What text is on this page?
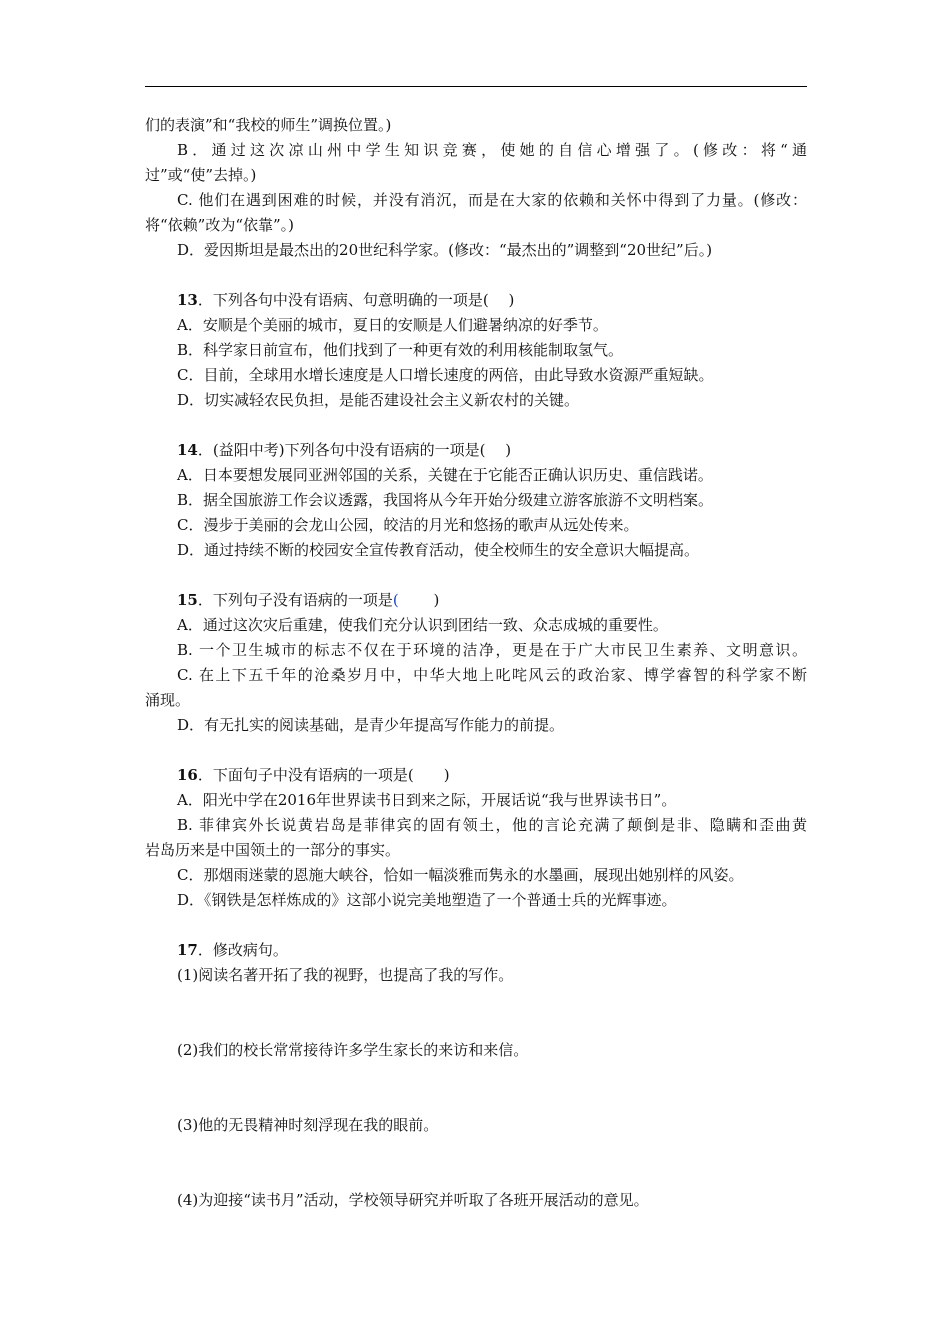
们的表演”和“我校的师生”调换位置。)
B．通过这次凉山州中学生知识竞赛，使她的自信心增强了。(修改：将“通
过”或“使”去掉。)
C. 他们在遇到困难的时候，并没有消沉，而是在大家的依赖和关怀中得到了力量。(修改：
将“依赖”改为“依靠”。)
D．爱因斯坦是最杰出的20世纪科学家。(修改：“最杰出的”调整到“20世纪”后。)
13．下列各句中没有语病、句意明确的一项是(　 )
A．安顺是个美丽的城市，夏日的安顺是人们避暑纳凉的好季节。
B．科学家日前宣布，他们找到了一种更有效的利用核能制取氢气。
C．目前，全球用水增长速度是人口增长速度的两倍，由此导致水资源严重短缺。
D．切实减轻农民负担，是能否建设社会主义新农村的关键。
14．(益阳中考)下列各句中没有语病的一项是(　 )
A．日本要想发展同亚洲邻国的关系，关键在于它能否正确认识历史、重信践诺。
B．据全国旅游工作会议透露，我国将从今年开始分级建立游客旅游不文明档案。
C．漫步于美丽的会龙山公园，皎洁的月光和悠扬的歌声从远处传来。
D．通过持续不断的校园安全宣传教育活动，使全校师生的安全意识大幅提高。
15．下列句子没有语病的一项是(　　 )
A．通过这次灾后重建，使我们充分认识到团结一致、众志成城的重要性。
B. 一个卫生城市的标志不仅在于环境的洁净，更是在于广大市民卫生素养、文明意识。
C. 在上下五千年的沧桑岁月中，中华大地上叱咤风云的政治家、博学睿智的科学家不断
涌现。
D．有无扎实的阅读基础，是青少年提高写作能力的前提。
16．下面句子中没有语病的一项是(　　)
A．阳光中学在2016年世界读书日到来之际，开展话说“我与世界读书日”。
B. 菲律宾外长说黄岩岛是菲律宾的固有领土，他的言论充满了颠倒是非、隐瞒和歪曲黄
岩岛历来是中国领土的一部分的事实。
C．那烟雨迷蒙的恩施大峡谷，恰如一幅淡雅而隽永的水墨画，展现出她别样的风姿。
D．《钢铁是怎样炼成的》这部小说完美地塑造了一个普通士兵的光辉事迹。
17．修改病句。
(1)阅读名著开拓了我的视野，也提高了我的写作。
(2)我们的校长常常接待许多学生家长的来访和来信。
(3)他的无畏精神时刻浮现在我的眼前。
(4)为迎接“读书月”活动，学校领导研究并听取了各班开展活动的意见。
